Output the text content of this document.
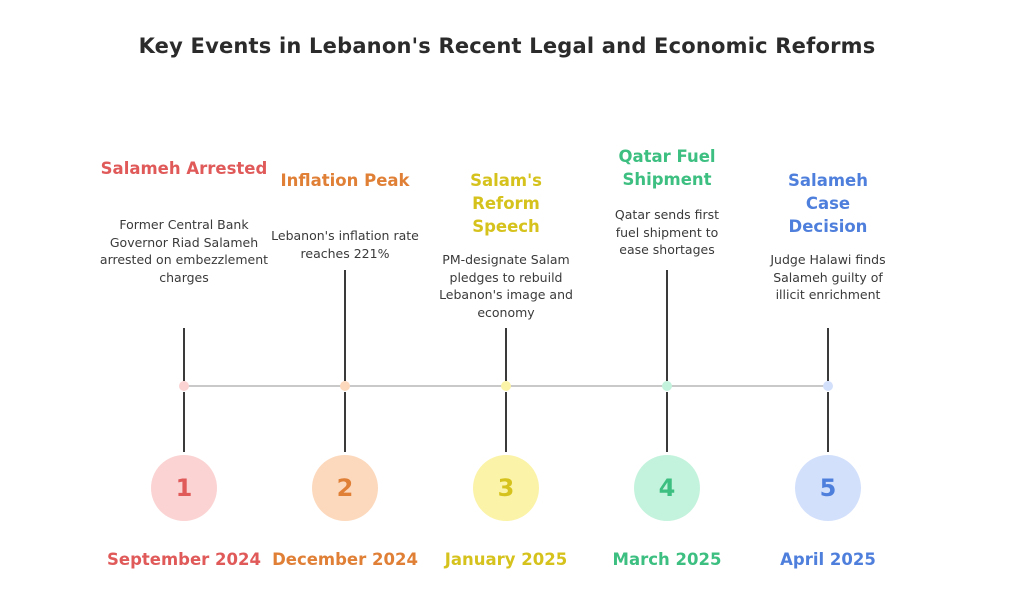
Key Events in Lebanon's Recent Legal and Economic Reforms
Salameh Arrested
Former Central Bank Governor Riad Salameh arrested on embezzlement charges
1
September 2024
Inflation Peak
Lebanon's inflation rate reaches 221%
2
December 2024
Salam's Reform Speech
PM-designate Salam pledges to rebuild Lebanon's image and economy
3
January 2025
Qatar Fuel Shipment
Qatar sends first fuel shipment to ease shortages
4
March 2025
Salameh Case Decision
Judge Halawi finds Salameh guilty of illicit enrichment
5
April 2025
